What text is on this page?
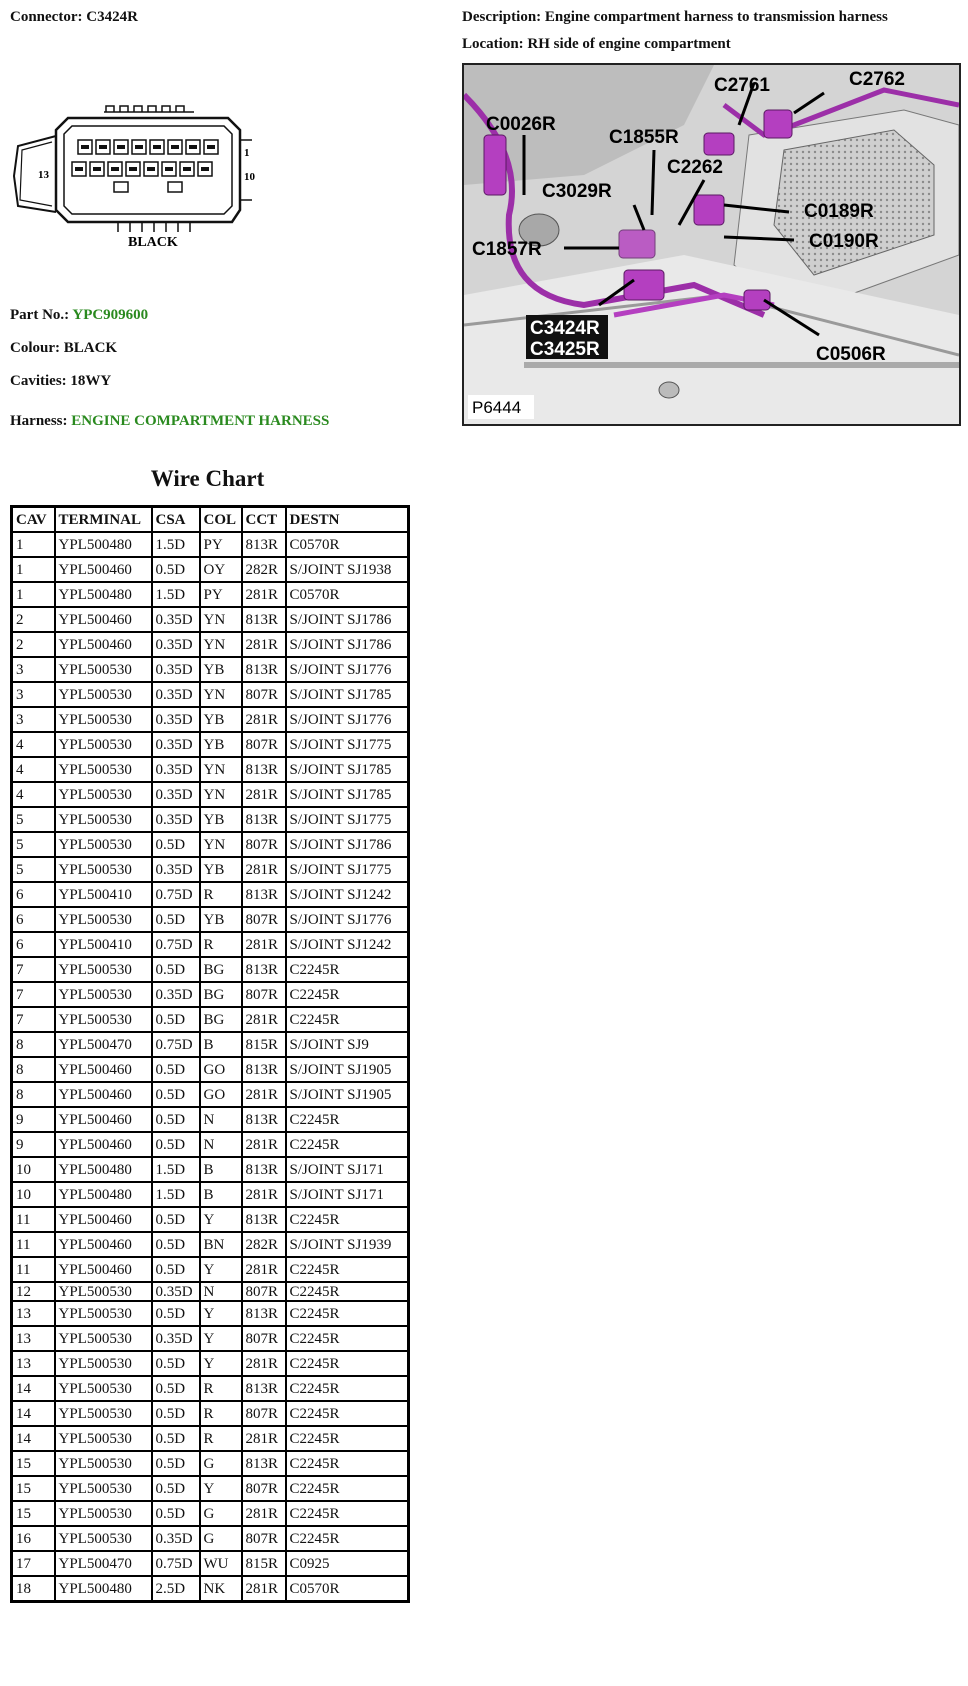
Connector: C3424R	Description: Engine compartment harness to transmission harness
Location: RH side of engine compartment
13
1
10
BLACK
Part No.: YPC909600
Colour: BLACK
Cavities: 18WY
Harness: ENGINE COMPARTMENT HARNESS
C2761	C2762
C0026R
C1855R
C2262
C3029R
C0189R
C1857R	C0190R
C0506R
C3424R
C3425R
P6444
Wire Chart
CAV	TERMINAL	CSA	COL	CCT	DESTN
1	YPL500480	1.5D	PY	813R	C0570R
1	YPL500460	0.5D	OY	282R	S/JOINT SJ1938
1	YPL500480	1.5D	PY	281R	C0570R
2	YPL500460	0.35D	YN	813R	S/JOINT SJ1786
2	YPL500460	0.35D	YN	281R	S/JOINT SJ1786
3	YPL500530	0.35D	YB	813R	S/JOINT SJ1776
3	YPL500530	0.35D	YN	807R	S/JOINT SJ1785
3	YPL500530	0.35D	YB	281R	S/JOINT SJ1776
4	YPL500530	0.35D	YB	807R	S/JOINT SJ1775
4	YPL500530	0.35D	YN	813R	S/JOINT SJ1785
4	YPL500530	0.35D	YN	281R	S/JOINT SJ1785
5	YPL500530	0.35D	YB	813R	S/JOINT SJ1775
5	YPL500530	0.5D	YN	807R	S/JOINT SJ1786
5	YPL500530	0.35D	YB	281R	S/JOINT SJ1775
6	YPL500410	0.75D	R	813R	S/JOINT SJ1242
6	YPL500530	0.5D	YB	807R	S/JOINT SJ1776
6	YPL500410	0.75D	R	281R	S/JOINT SJ1242
7	YPL500530	0.5D	BG	813R	C2245R
7	YPL500530	0.35D	BG	807R	C2245R
7	YPL500530	0.5D	BG	281R	C2245R
8	YPL500470	0.75D	B	815R	S/JOINT SJ9
8	YPL500460	0.5D	GO	813R	S/JOINT SJ1905
8	YPL500460	0.5D	GO	281R	S/JOINT SJ1905
9	YPL500460	0.5D	N	813R	C2245R
9	YPL500460	0.5D	N	281R	C2245R
10	YPL500480	1.5D	B	813R	S/JOINT SJ171
10	YPL500480	1.5D	B	281R	S/JOINT SJ171
11	YPL500460	0.5D	Y	813R	C2245R
11	YPL500460	0.5D	BN	282R	S/JOINT SJ1939
11	YPL500460	0.5D	Y	281R	C2245R
12	YPL500530	0.35D	N	807R	C2245R
13	YPL500530	0.5D	Y	813R	C2245R
13	YPL500530	0.35D	Y	807R	C2245R
13	YPL500530	0.5D	Y	281R	C2245R
14	YPL500530	0.5D	R	813R	C2245R
14	YPL500530	0.5D	R	807R	C2245R
14	YPL500530	0.5D	R	281R	C2245R
15	YPL500530	0.5D	G	813R	C2245R
15	YPL500530	0.5D	Y	807R	C2245R
15	YPL500530	0.5D	G	281R	C2245R
16	YPL500530	0.35D	G	807R	C2245R
17	YPL500470	0.75D	WU	815R	C0925
18	YPL500480	2.5D	NK	281R	C0570R
